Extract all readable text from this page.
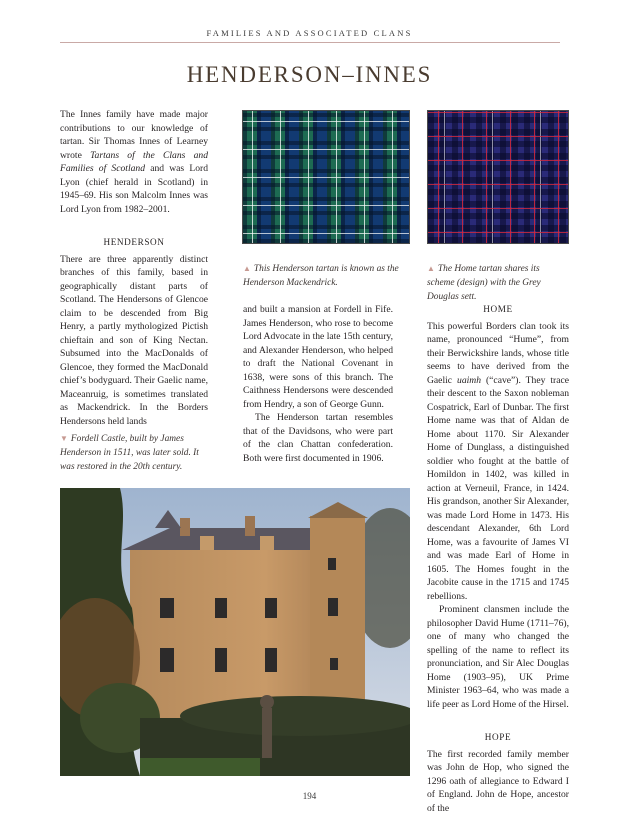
FAMILIES AND ASSOCIATED CLANS
HENDERSON–INNES

The Innes family have made major contributions to our knowledge of tartan. Sir Thomas Innes of Learney wrote Tartans of the Clans and Families of Scotland and was Lord Lyon (chief herald in Scotland) in 1945–69. His son Malcolm Innes was Lord Lyon from 1982–2001.

HENDERSON

There are three apparently distinct branches of this family, based in geographically distant parts of Scotland. The Hendersons of Glencoe claim to be descended from Big Henry, a partly mythologized Pictish chieftain and son of King Nectan. Subsumed into the MacDonalds of Glencoe, they formed the MacDonald chief’s bodyguard. Their Gaelic name, Maceanruig, is sometimes translated as Mackendrick. In the Borders Hendersons held lands

▼ Fordell Castle, built by James Henderson in 1511, was later sold. It was restored in the 20th century.
▲ This Henderson tartan is known as the Henderson Mackendrick.
▲ The Home tartan shares its scheme (design) with the Grey Douglas sett.

and built a mansion at Fordell in Fife. James Henderson, who rose to become Lord Advocate in the late 15th century, and Alexander Henderson, who helped to draft the National Covenant in 1638, were sons of this branch. The Caithness Hendersons were descended from Hendry, a son of George Gunn.

The Henderson tartan resembles that of the Davidsons, who were part of the clan Chattan confederation. Both were first documented in 1906.

HOME

This powerful Borders clan took its name, pronounced “Hume”, from their Berwickshire lands, whose title seems to have derived from the Gaelic uaimh (“cave”). They trace their descent to the Saxon nobleman Cospatrick, Earl of Dunbar. The first Home name was that of Aldan de Home about 1170. Sir Alexander Home of Dunglass, a distinguished soldier who fought at the battle of Homildon in 1402, was killed in action at Verneuil, France, in 1424. His grandson, another Sir Alexander, was made Lord Home in 1473. His descendant Alexander, 6th Lord Home, was a favourite of James VI and was made Earl of Home in 1605. The Homes fought in the Jacobite cause in the 1715 and 1745 rebellions.

Prominent clansmen include the philosopher David Hume (1711–76), one of many who changed the spelling of the name to reflect its pronunciation, and Sir Alec Douglas Home (1903–95), UK Prime Minister 1963–64, who was made a life peer as Lord Home of the Hirsel.

HOPE

The first recorded family member was John de Hop, who signed the 1296 oath of allegiance to Edward I of England. John de Hope, ancestor of the

194
